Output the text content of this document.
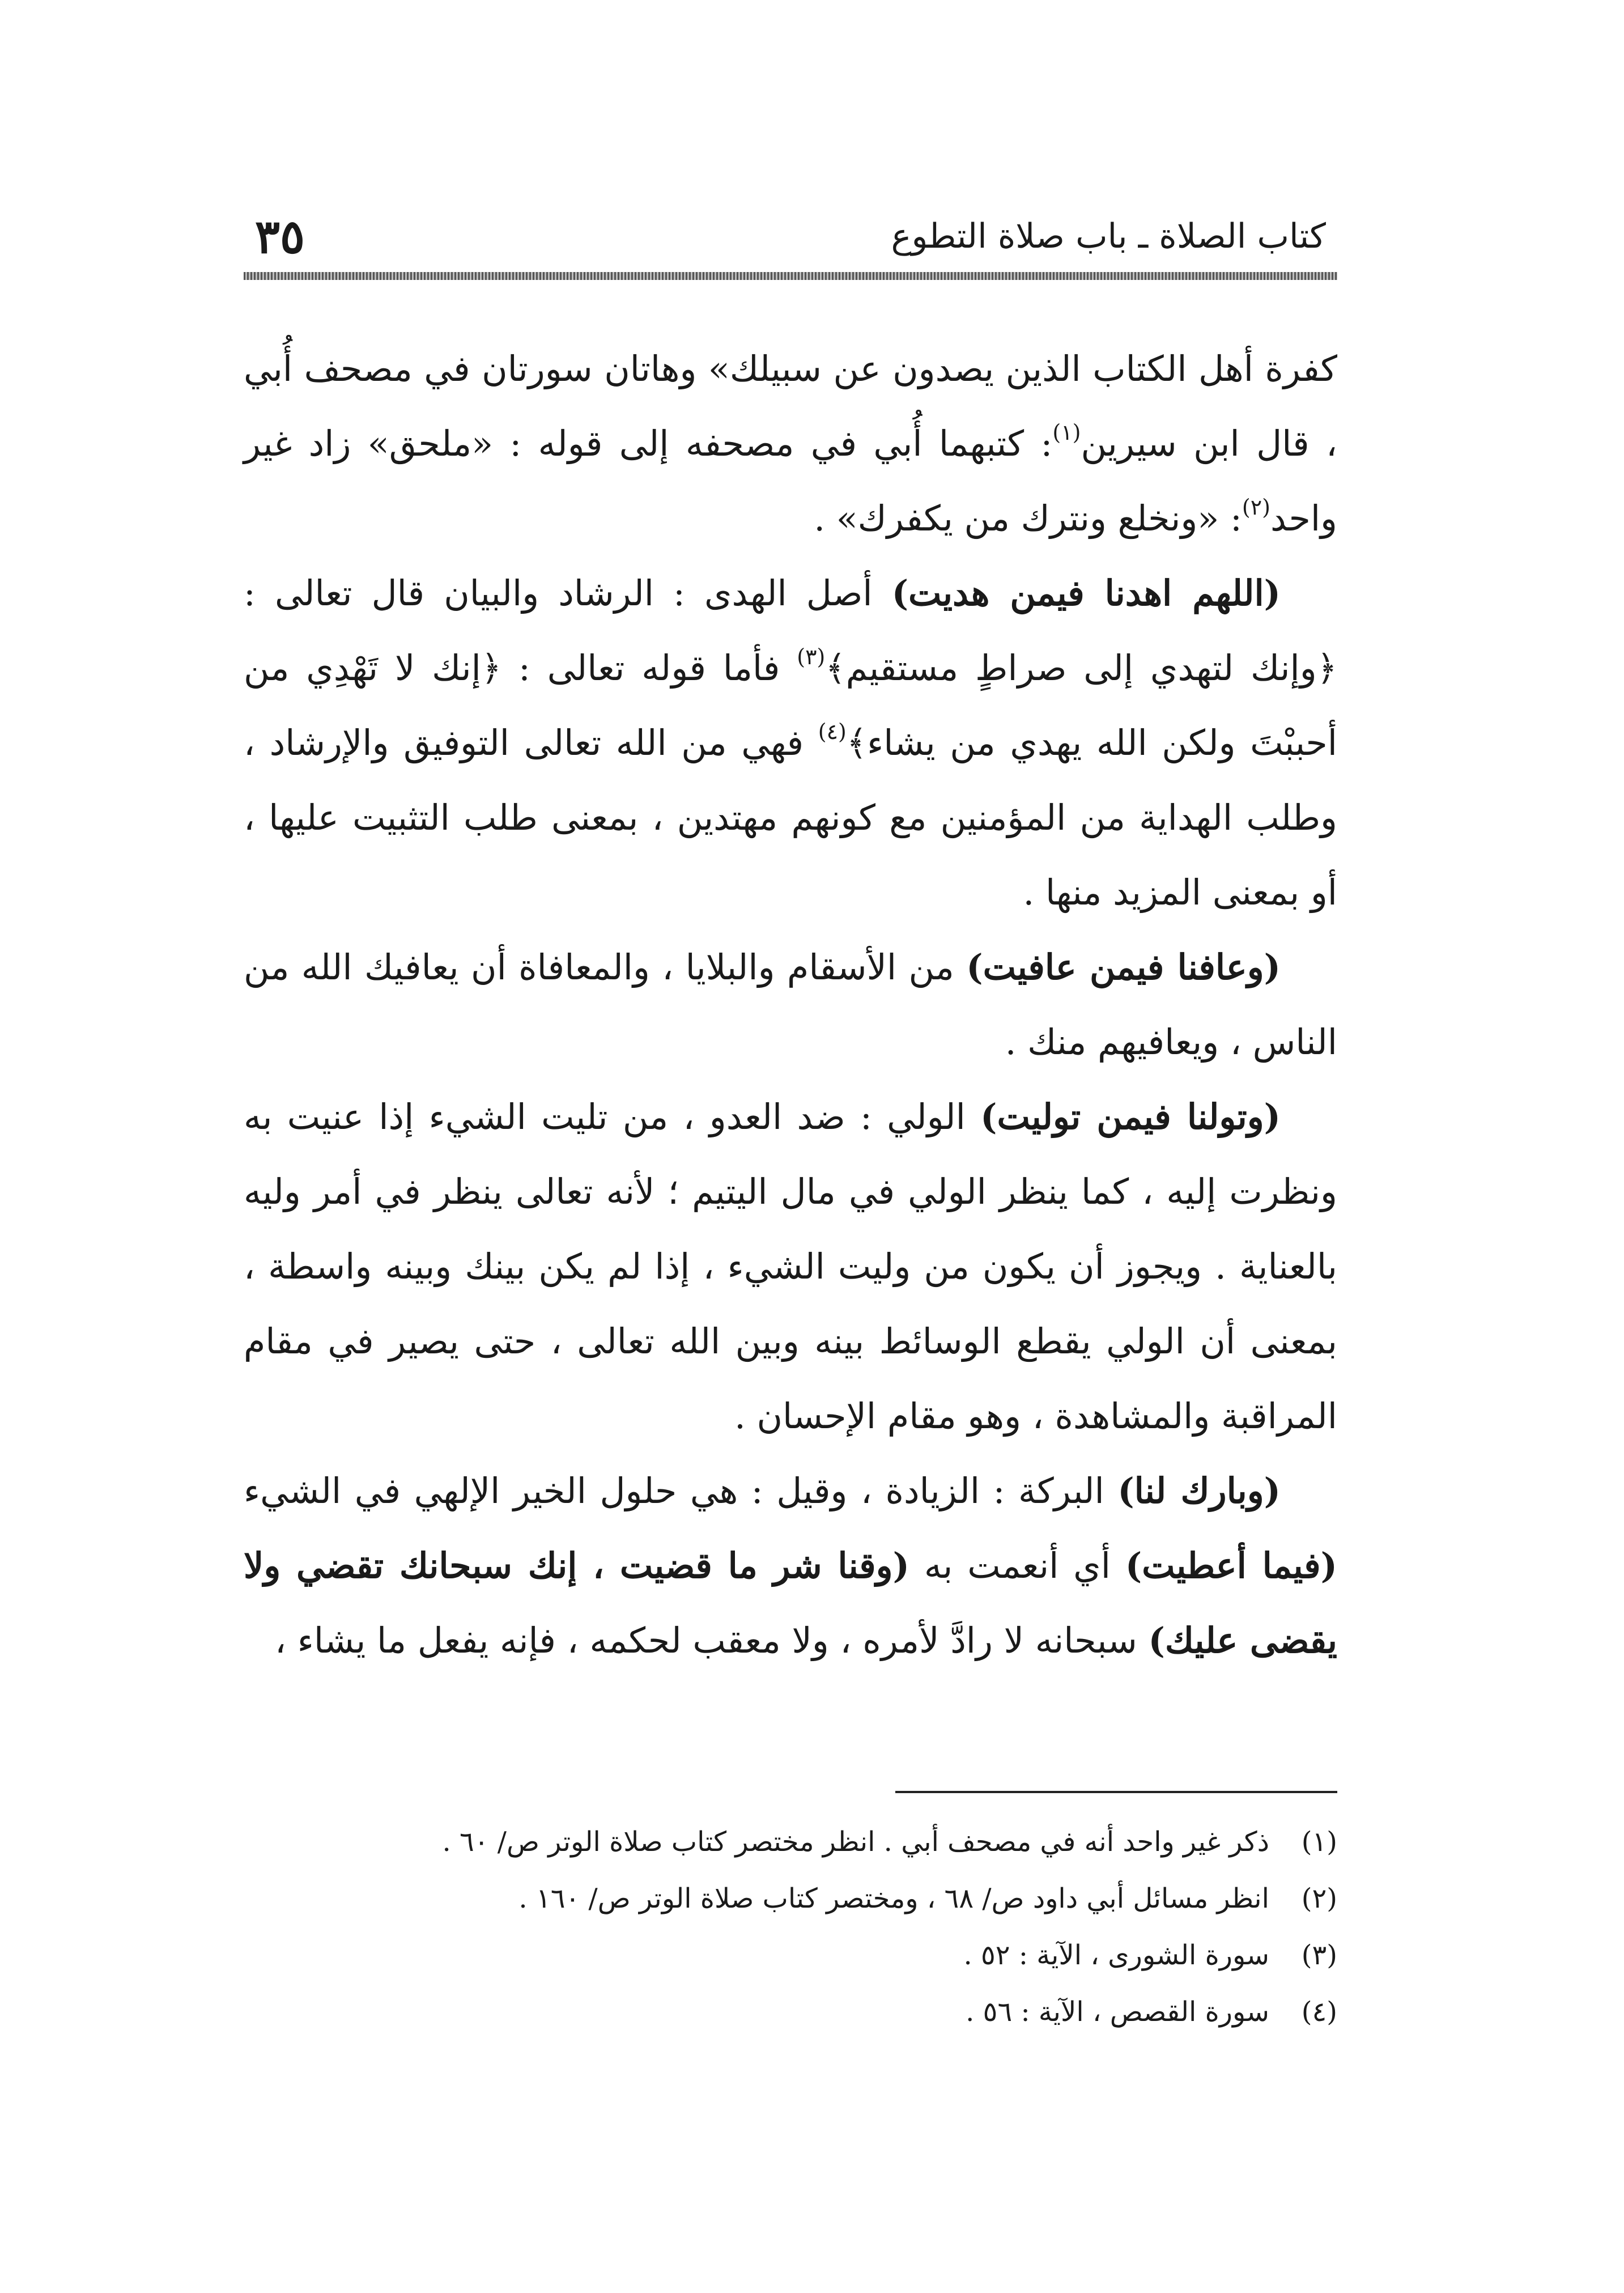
كتاب الصلاة ـ باب صلاة التطوع
٣٥

كفرة أهل الكتاب الذين يصدون عن سبيلك» وهاتان سورتان في مصحف أُبي ، قال ابن سيرين$^{(١)}$: كتبهما أُبي في مصحفه إلى قوله : «ملحق» زاد غير واحد$^{(٢)}$: «ونخلع ونترك من يكفرك» .

(اللهم اهدنا فيمن هديت) أصل الهدى : الرشاد والبيان قال تعالى : ﴿وإنك لتهدي إلى صراطٍ مستقيم﴾$^{(٣)}$ فأما قوله تعالى : ﴿إنك لا تَهْدِي من أحببْتَ ولكن الله يهدي من يشاء﴾$^{(٤)}$ فهي من الله تعالى التوفيق والإرشاد ، وطلب الهداية من المؤمنين مع كونهم مهتدين ، بمعنى طلب التثبيت عليها ، أو بمعنى المزيد منها .

(وعافنا فيمن عافيت) من الأسقام والبلايا ، والمعافاة أن يعافيك الله من الناس ، ويعافيهم منك .

(وتولنا فيمن توليت) الولي : ضد العدو ، من تليت الشيء إذا عنيت به ونظرت إليه ، كما ينظر الولي في مال اليتيم ؛ لأنه تعالى ينظر في أمر وليه بالعناية . ويجوز أن يكون من وليت الشيء ، إذا لم يكن بينك وبينه واسطة ، بمعنى أن الولي يقطع الوسائط بينه وبين الله تعالى ، حتى يصير في مقام المراقبة والمشاهدة ، وهو مقام الإحسان .

(وبارك لنا) البركة : الزيادة ، وقيل : هي حلول الخير الإلهي في الشيء (فيما أعطيت) أي أنعمت به (وقنا شر ما قضيت ، إنك سبحانك تقضي ولا يقضى عليك) سبحانه لا رادَّ لأمره ، ولا معقب لحكمه ، فإنه يفعل ما يشاء ،

(١)
ذكر غير واحد أنه في مصحف أبي . انظر مختصر كتاب صلاة الوتر ص/ ٦٠ .
(٢)
انظر مسائل أبي داود ص/ ٦٨ ، ومختصر كتاب صلاة الوتر ص/ ١٦٠ .
(٣)
سورة الشورى ، الآية : ٥٢ .
(٤)
سورة القصص ، الآية : ٥٦ .
